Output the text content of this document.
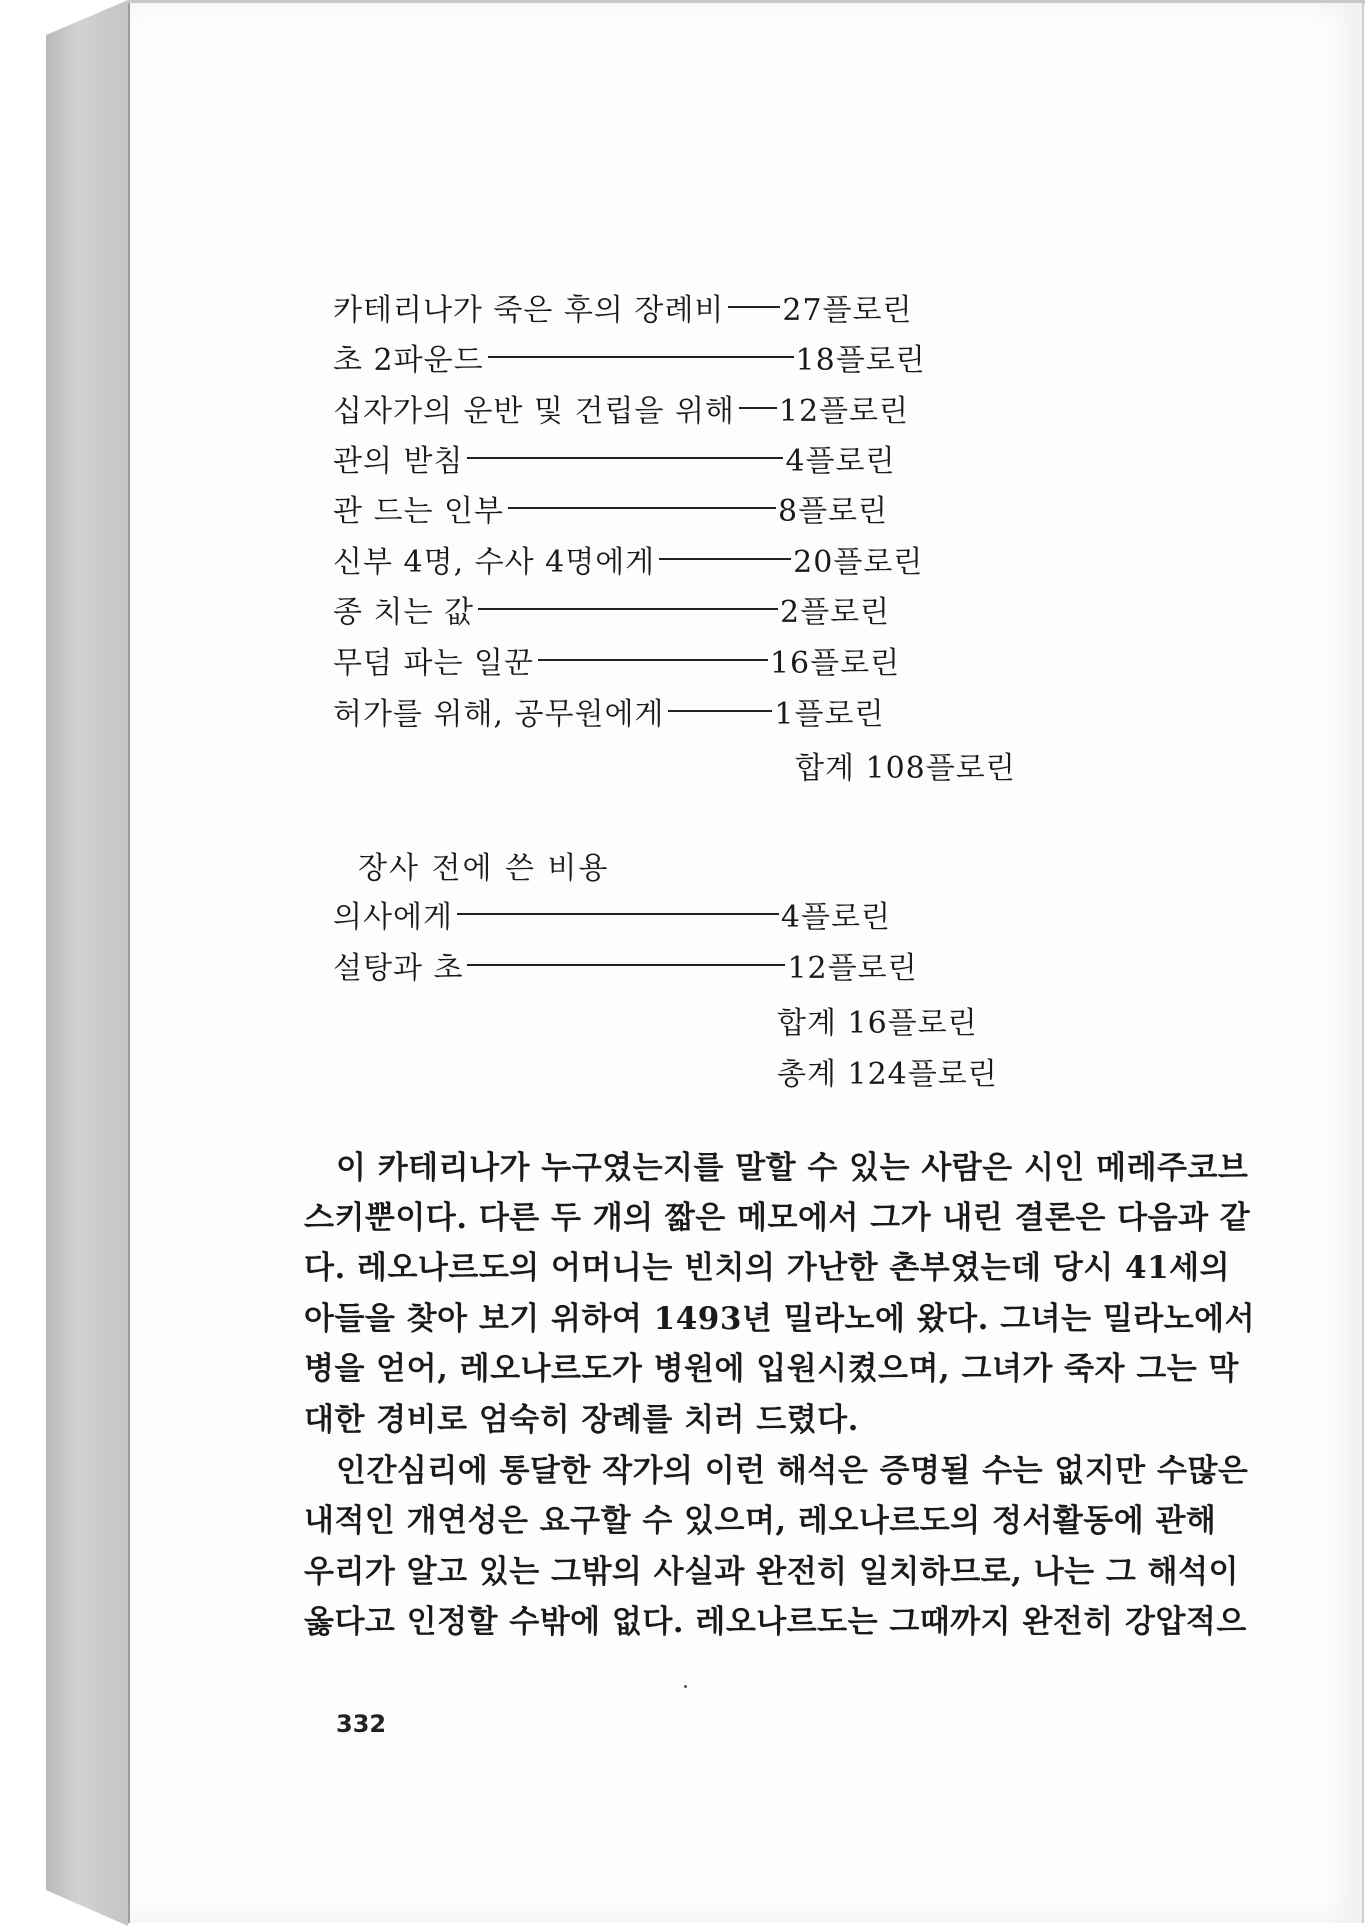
카테리나가 죽은 후의 장례비 27플로린
초 2파운드	18플로린
십자가의 운반 및 건립을 위해 12플로린
관의 받침	4플로린
관 드는 인부	8플로린
신부 4명, 수사 4명에게	20플로린
종 치는 값	2플로린
무덤 파는 일꾼	16플로린
허가를 위해, 공무원에게	1플로린
합계 108플로린
장사 전에 쓴 비용
의사에게	4플로린
설탕과 초	12플로린
합계 16플로린
총계 124플로린
이 카테리나가 누구였는지를 말할 수 있는 사람은 시인 메레주코브
스키뿐이다. 다른 두 개의 짧은 메모에서 그가 내린 결론은 다음과 같
다. 레오나르도의 어머니는 빈치의 가난한 촌부였는데 당시 41세의
아들을 찾아 보기 위하여 1493년 밀라노에 왔다. 그녀는 밀라노에서
병을 얻어, 레오나르도가 병원에 입원시켰으며, 그녀가 죽자 그는 막
대한 경비로 엄숙히 장례를 치러 드렸다.
인간심리에 통달한 작가의 이런 해석은 증명될 수는 없지만 수많은
내적인 개연성은 요구할 수 있으며, 레오나르도의 정서활동에 관해
우리가 알고 있는 그밖의 사실과 완전히 일치하므로, 나는 그 해석이
옳다고 인정할 수밖에 없다. 레오나르도는 그때까지 완전히 강압적으
332
